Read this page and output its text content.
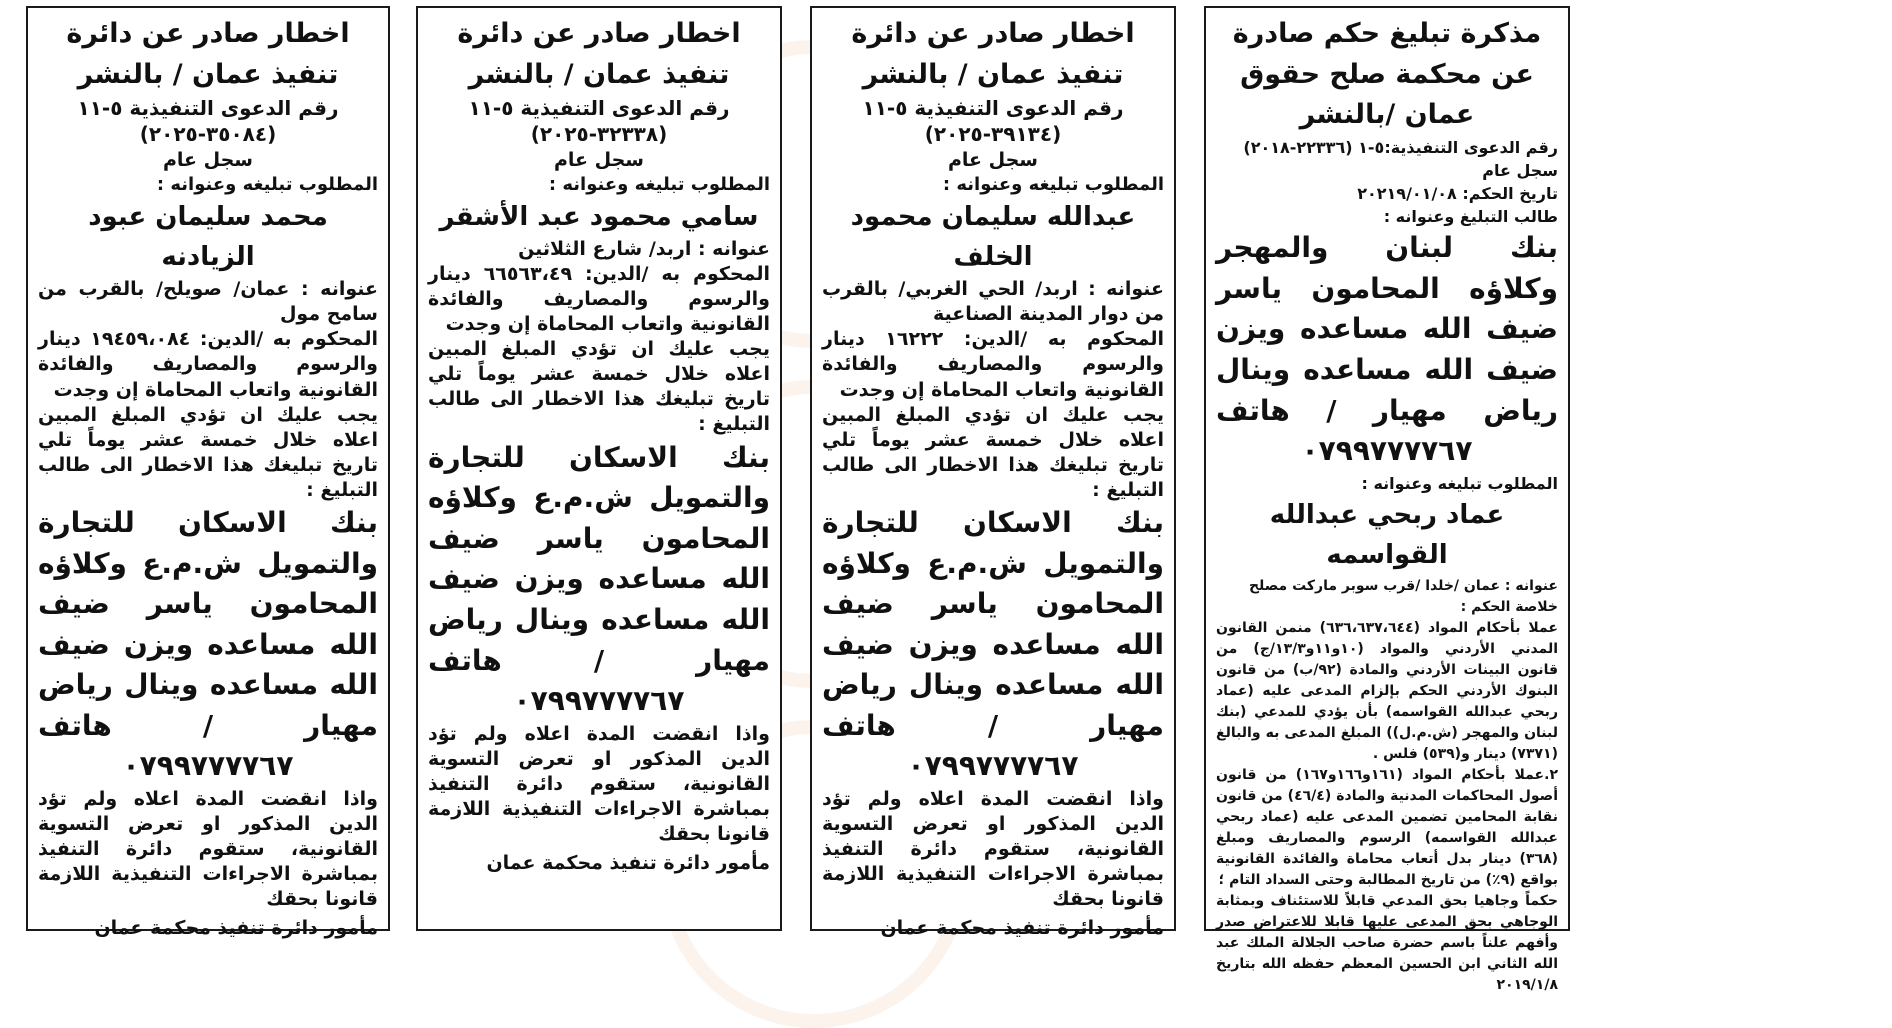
اخطار صادر عن دائرة تنفيذ عمان / بالنشر

رقم الدعوى التنفيذية ٥-١١ (٣٥٠٨٤-٢٠٢٥)

سجل عام

المطلوب تبليغه وعنوانه :

محمد سليمان عبود الزيادنه

عنوانه : عمان/ صويلح/ بالقرب من سامح مول

المحكوم به /الدين: ١٩٤٥٩،٠٨٤ دينار والرسوم والمصاريف والفائدة القانونية واتعاب المحاماة إن وجدت

يجب عليك ان تؤدي المبلغ المبين اعلاه خلال خمسة عشر يوماً تلي تاريخ تبليغك هذا الاخطار الى طالب التبليغ :

بنك الاسكان للتجارة والتمويل ش.م.ع وكلاؤه المحامون ياسر ضيف الله مساعده ويزن ضيف الله مساعده وينال رياض مهيار / هاتف ٠٧٩٩٧٧٧٧٦٧

واذا انقضت المدة اعلاه ولم تؤد الدين المذكور او تعرض التسوية القانونية، ستقوم دائرة التنفيذ بمباشرة الاجراءات التنفيذية اللازمة قانونا بحقك

مأمور دائرة تنفيذ محكمة عمان

اخطار صادر عن دائرة تنفيذ عمان / بالنشر

رقم الدعوى التنفيذية ٥-١١ (٣٢٣٣٨-٢٠٢٥)

سجل عام

المطلوب تبليغه وعنوانه :

سامي محمود عبد الأشقر

عنوانه : اربد/ شارع الثلاثين

المحكوم به /الدين: ٦٦٥٦٣،٤٩ دينار والرسوم والمصاريف والفائدة القانونية واتعاب المحاماة إن وجدت

يجب عليك ان تؤدي المبلغ المبين اعلاه خلال خمسة عشر يوماً تلي تاريخ تبليغك هذا الاخطار الى طالب التبليغ :

بنك الاسكان للتجارة والتمويل ش.م.ع وكلاؤه المحامون ياسر ضيف الله مساعده ويزن ضيف الله مساعده وينال رياض مهيار / هاتف ٠٧٩٩٧٧٧٧٦٧

واذا انقضت المدة اعلاه ولم تؤد الدين المذكور او تعرض التسوية القانونية، ستقوم دائرة التنفيذ بمباشرة الاجراءات التنفيذية اللازمة قانونا بحقك

مأمور دائرة تنفيذ محكمة عمان

اخطار صادر عن دائرة تنفيذ عمان / بالنشر

رقم الدعوى التنفيذية ٥-١١ (٣٩١٣٤-٢٠٢٥)

سجل عام

المطلوب تبليغه وعنوانه :

عبدالله سليمان محمود الخلف

عنوانه : اربد/ الحي الغربي/ بالقرب من دوار المدينة الصناعية

المحكوم به /الدين: ١٦٢٢٢ دينار والرسوم والمصاريف والفائدة القانونية واتعاب المحاماة إن وجدت

يجب عليك ان تؤدي المبلغ المبين اعلاه خلال خمسة عشر يوماً تلي تاريخ تبليغك هذا الاخطار الى طالب التبليغ :

بنك الاسكان للتجارة والتمويل ش.م.ع وكلاؤه المحامون ياسر ضيف الله مساعده ويزن ضيف الله مساعده وينال رياض مهيار / هاتف ٠٧٩٩٧٧٧٧٦٧

واذا انقضت المدة اعلاه ولم تؤد الدين المذكور او تعرض التسوية القانونية، ستقوم دائرة التنفيذ بمباشرة الاجراءات التنفيذية اللازمة قانونا بحقك

مأمور دائرة تنفيذ محكمة عمان

مذكرة تبليغ حكم صادرة عن محكمة صلح حقوق عمان /بالنشر

رقم الدعوى التنفيذية:٥-١ (٢٢٣٣٦-٢٠١٨) سجل عام

تاريخ الحكم: ٢٠٢١٩/٠١/٠٨

طالب التبليغ وعنوانه :

بنك لبنان والمهجر وكلاؤه المحامون ياسر ضيف الله مساعده ويزن ضيف الله مساعده وينال رياض مهيار / هاتف ٠٧٩٩٧٧٧٧٦٧

المطلوب تبليغه وعنوانه :

عماد ربحي عبدالله القواسمه

عنوانه : عمان /خلدا /قرب سوبر ماركت مصلح

خلاصة الحكم :

عملا بأحكام المواد (٦٣٦،٦٣٧،٦٤٤) منمن القانون المدني الأردني والمواد (١٠و١١و١٣/٣/ج) من قانون البينات الأردني والمادة (٩٢/ب) من قانون البنوك الأردني الحكم بإلزام المدعى عليه (عماد ربحي عبدالله القواسمه) بأن يؤدي للمدعي (بنك لبنان والمهجر (ش.م.ل)) المبلغ المدعى به والبالغ (٧٣٧١) دينار و(٥٣٩) فلس .

٢.عملا بأحكام المواد (١٦١و١٦٦و١٦٧) من قانون أصول المحاكمات المدنية والمادة (٤٦/٤) من قانون نقابة المحامين تضمين المدعى عليه (عماد ربحي عبدالله القواسمه) الرسوم والمصاريف ومبلغ (٣٦٨) دينار بدل أتعاب محاماة والفائدة القانونية بواقع (٩٪) من تاريخ المطالبة وحتى السداد التام ؛

حكماً وجاهيا بحق المدعي قابلاً للاستئناف وبمثابة الوجاهي بحق المدعى عليها قابلا للاعتراض صدر وأفهم علناً باسم حضرة صاحب الجلالة الملك عبد الله الثاني ابن الحسين المعظم حفظه الله بتاريخ ٢٠١٩/١/٨
